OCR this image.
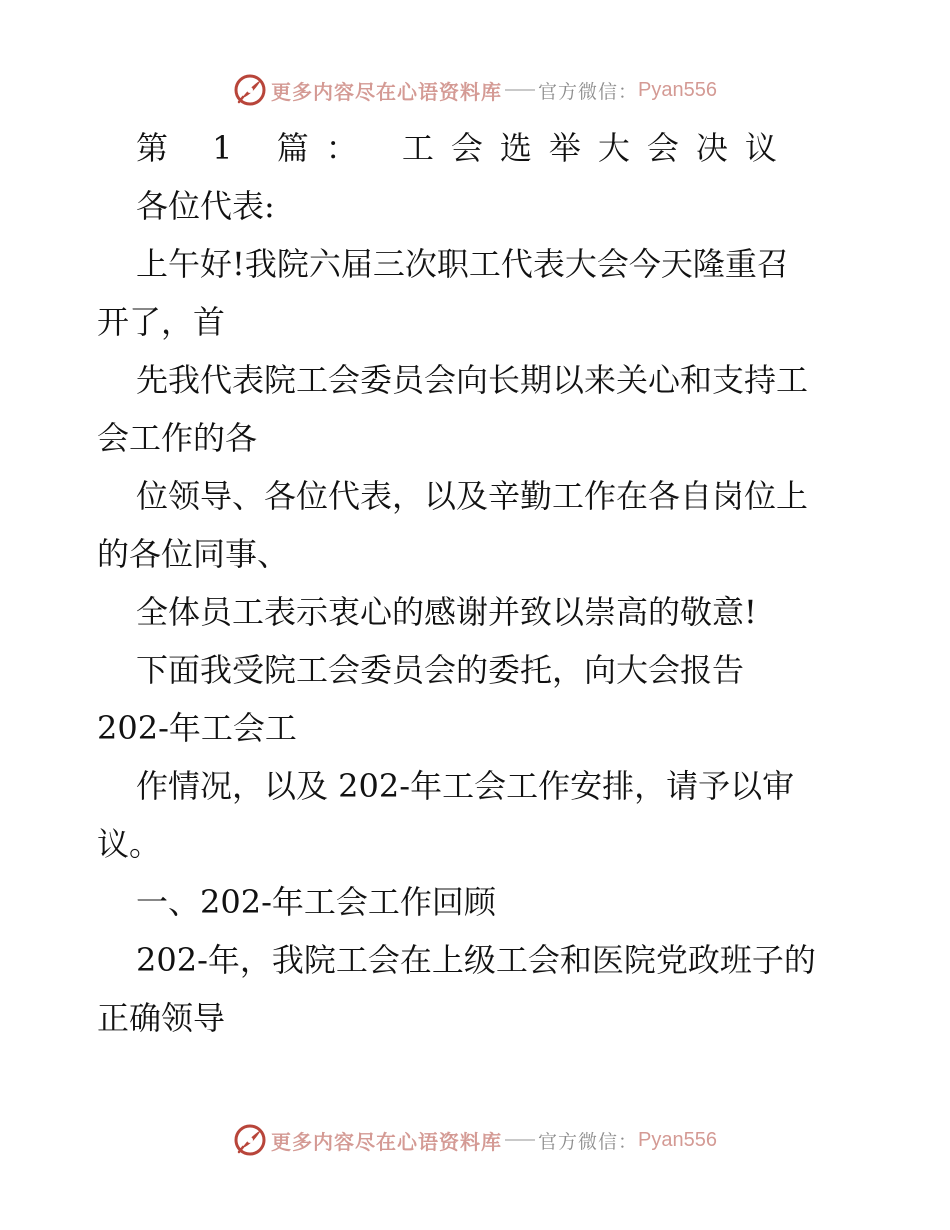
更多内容尽在心语资料库 官方微信： Pyan556
第 1 篇： 工会选举大会决议
各位代表:
上午好!我院六届三次职工代表大会今天隆重召
开了，首
先我代表院工会委员会向长期以来关心和支持工
会工作的各
位领导、各位代表，以及辛勤工作在各自岗位上
的各位同事、
全体员工表示衷心的感谢并致以崇高的敬意!
下面我受院工会委员会的委托，向大会报告
202-年工会工
作情况，以及 202-年工会工作安排，请予以审
议。
一、202-年工会工作回顾
202-年，我院工会在上级工会和医院党政班子的
正确领导
更多内容尽在心语资料库 官方微信： Pyan556
